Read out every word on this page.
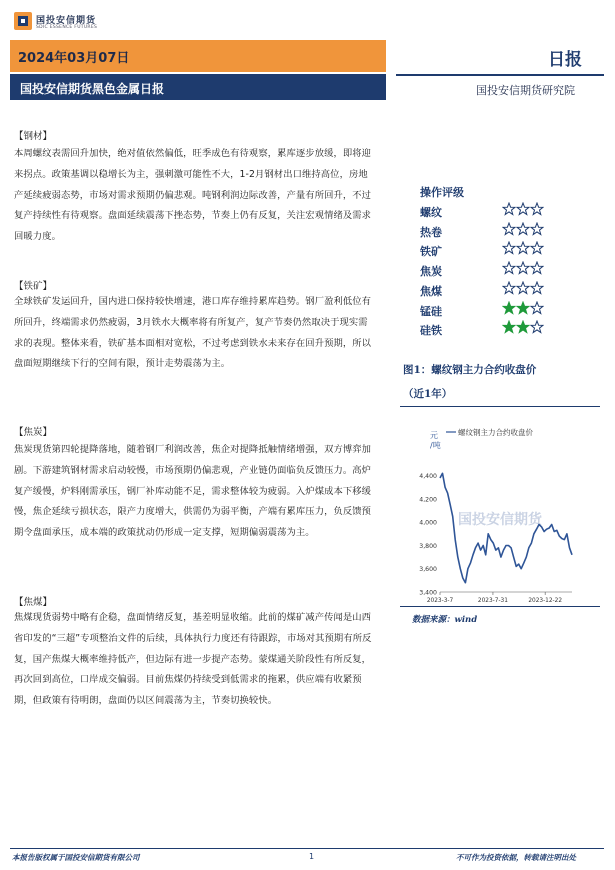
国投安信期货
SDIC ESSENCE FUTURES
2024年03月07日
国投安信期货黑色金属日报
日报
国投安信期货研究院
【钢材】
本周螺纹表需回升加快，绝对值依然偏低，旺季成色有待观察，累库逐步放缓，即将迎来拐点。政策基调以稳增长为主，强刺激可能性不大，1-2月钢材出口维持高位，房地产延续疲弱态势，市场对需求预期仍偏悲观。吨钢利润边际改善，产量有所回升，不过复产持续性有待观察。盘面延续震荡下挫态势，节奏上仍有反复，关注宏观情绪及需求回暖力度。
【铁矿】
全球铁矿发运回升，国内进口保持较快增速，港口库存维持累库趋势。钢厂盈利低位有所回升，终端需求仍然疲弱，3月铁水大概率将有所复产，复产节奏仍然取决于现实需求的表现。整体来看，铁矿基本面相对宽松，不过考虑到铁水未来存在回升预期，所以盘面短期继续下行的空间有限，预计走势震荡为主。
【焦炭】
焦炭现货第四轮提降落地，随着钢厂利润改善，焦企对提降抵触情绪增强，双方博弈加剧。下游建筑钢材需求启动较慢，市场预期仍偏悲观，产业链仍面临负反馈压力。高炉复产缓慢，炉料刚需承压，钢厂补库动能不足，需求整体较为疲弱。入炉煤成本下移缓慢，焦企延续亏损状态，限产力度增大，供需仍为弱平衡，产端有累库压力，负反馈预期令盘面承压，成本端的政策扰动仍形成一定支撑，短期偏弱震荡为主。
【焦煤】
焦煤现货弱势中略有企稳，盘面情绪反复，基差明显收缩。此前的煤矿减产传闻是山西省印发的“三超”专项整治文件的后续，具体执行力度还有待跟踪，市场对其预期有所反复，国产焦煤大概率维持低产，但边际有进一步提产态势。蒙煤通关阶段性有所反复，再次回到高位，口岸成交偏弱。目前焦煤仍持续受到低需求的拖累，供应端有收紧预期，但政策有待明朗，盘面仍以区间震荡为主，节奏切换较快。
操作评级
螺纹
热卷
铁矿
焦炭
焦煤
锰硅
硅铁
图1：螺纹钢主力合约收盘价
（近1年）
国投安信期货
元
/吨
螺纹钢主力合约收盘价
3,400
3,600
3,800
4,000
4,200
4,400
2023-3-7	2023-7-31	2023-12-22
数据来源：wind
本报告版权属于国投安信期货有限公司	1	不可作为投资依据，转载请注明出处
